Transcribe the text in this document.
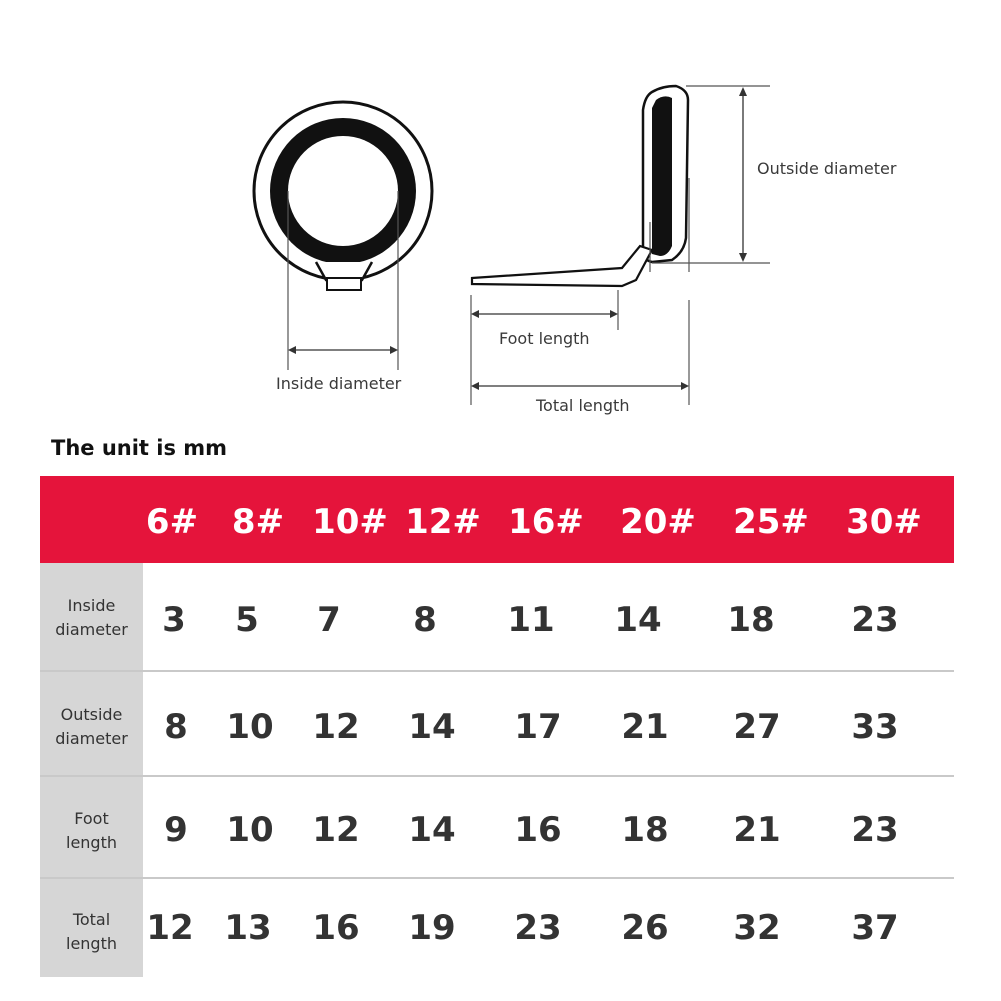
Inside diameter
Outside diameter
Foot length
Total length
The unit is mm
6# 8# 10# 12# 16# 20# 25# 30#
Inside
diameter	3	5	7	8	11	14	18	23
Outside
diameter	8	10	12	14	17	21	27	33
Foot
length	9	10	12	14	16	18	21	23
Total
length 12 13	16	19	23	26	32	37
